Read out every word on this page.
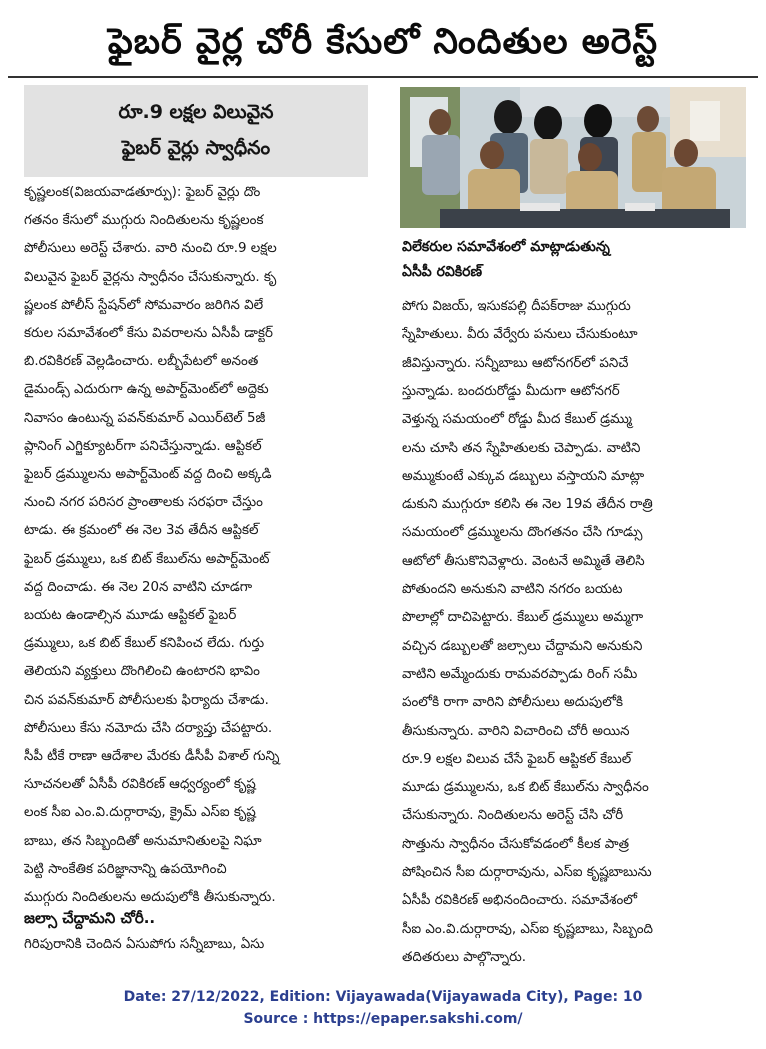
ఫైబర్ వైర్ల చోరీ కేసులో నిందితుల అరెస్ట్
రూ.9 లక్షల విలువైన
ఫైబర్ వైర్లు స్వాధీనం
విలేకరుల సమావేశంలో మాట్లాడుతున్న
ఏసీపీ రవికిరణ్
కృష్ణలంక(విజయవాడతూర్పు): ఫైబర్ వైర్లు దొం
గతనం కేసులో ముగ్గురు నిందితులను కృష్ణలంక
పోలీసులు అరెస్ట్ చేశారు. వారి నుంచి రూ.9 లక్షల
విలువైన ఫైబర్ వైర్లను స్వాధీనం చేసుకున్నారు. కృ
ష్ణలంక పోలీస్ స్టేషన్‌లో సోమవారం జరిగిన విలే
కరుల సమావేశంలో కేసు వివరాలను ఏసీపీ డాక్టర్
బి.రవికిరణ్ వెల్లడించారు. లబ్బీపేటలో అనంత
డైమండ్స్ ఎదురుగా ఉన్న అపార్ట్‌మెంట్‌లో అద్దెకు
నివాసం ఉంటున్న పవన్‌కుమార్ ఎయిర్‌టెల్ 5జీ
ప్లానింగ్ ఎగ్జిక్యూటర్‌గా పనిచేస్తున్నాడు. ఆప్టికల్
ఫైబర్ డ్రమ్ములను అపార్ట్‌మెంట్ వద్ద దించి అక్కడి
నుంచి నగర పరిసర ప్రాంతాలకు సరఫరా చేస్తుం
టాడు. ఈ క్రమంలో ఈ నెల 3వ తేదీన ఆప్టికల్
ఫైబర్ డ్రమ్ములు, ఒక బిట్ కేబుల్‌ను అపార్ట్‌మెంట్
వద్ద దించాడు. ఈ నెల 20న వాటిని చూడగా
బయట ఉండాల్సిన మూడు ఆప్టికల్ ఫైబర్
డ్రమ్ములు, ఒక బిట్ కేబుల్ కనిపించ లేదు. గుర్తు
తెలియని వ్యక్తులు దొంగిలించి ఉంటారని భావిం
చిన పవన్‌కుమార్ పోలీసులకు ఫిర్యాదు చేశాడు.
పోలీసులు కేసు నమోదు చేసి దర్యాప్తు చేపట్టారు.
సీపీ టీకే రాణా ఆదేశాల మేరకు డీసీపీ విశాల్ గున్ని
సూచనలతో ఏసీపీ రవికిరణ్ ఆధ్వర్యంలో కృష్ణ
లంక సీఐ ఎం.వి.దుర్గారావు, క్రైమ్ ఎస్ఐ కృష్ణ
బాబు, తన సిబ్బందితో అనుమానితులపై నిఘా
పెట్టి సాంకేతిక పరిజ్ఞానాన్ని ఉపయోగించి
ముగ్గురు నిందితులను అదుపులోకి తీసుకున్నారు.
జల్సా చేద్దామని చోరీ..
గిరిపురానికి చెందిన ఏసుపోగు సన్నీబాబు, ఏసు
పోగు విజయ్, ఇసుకపల్లి దీపక్‌రాజు ముగ్గురు
స్నేహితులు. వీరు వేర్వేరు పనులు చేసుకుంటూ
జీవిస్తున్నారు. సన్నీబాబు ఆటోనగర్‌లో పనిచే
స్తున్నాడు. బందరురోడ్డు మీదుగా ఆటోనగర్
వెళ్తున్న సమయంలో రోడ్డు మీద కేబుల్ డ్రమ్ము
లను చూసి తన స్నేహితులకు చెప్పాడు. వాటిని
అమ్ముకుంటే ఎక్కువ డబ్బులు వస్తాయని మాట్లా
డుకుని ముగ్గురూ కలిసి ఈ నెల 19వ తేదీన రాత్రి
సమయంలో డ్రమ్ములను దొంగతనం చేసి గూడ్సు
ఆటోలో తీసుకొనివెళ్లారు. వెంటనే అమ్మితే తెలిసి
పోతుందని అనుకుని వాటిని నగరం బయట
పొలాల్లో దాచిపెట్టారు. కేబుల్ డ్రమ్ములు అమ్మగా
వచ్చిన డబ్బులతో జల్సాలు చేద్దామని అనుకుని
వాటిని అమ్మేందుకు రామవరప్పాడు రింగ్ సమీ
పంలోకి రాగా వారిని పోలీసులు అదుపులోకి
తీసుకున్నారు. వారిని విచారించి చోరీ అయిన
రూ.9 లక్షల విలువ చేసే ఫైబర్ ఆప్టికల్ కేబుల్
మూడు డ్రమ్ములను, ఒక బిట్ కేబుల్‌ను స్వాధీనం
చేసుకున్నారు. నిందితులను అరెస్ట్ చేసి చోరీ
సొత్తును స్వాధీనం చేసుకోవడంలో కీలక పాత్ర
పోషించిన సీఐ దుర్గారావును, ఎస్ఐ కృష్ణబాబును
ఏసీపీ రవికిరణ్ అభినందించారు. సమావేశంలో
సీఐ ఎం.వి.దుర్గారావు, ఎస్ఐ కృష్ణబాబు, సిబ్బంది
తదితరులు పాల్గొన్నారు.
Date: 27/12/2022, Edition: Vijayawada(Vijayawada City), Page: 10
Source : https://epaper.sakshi.com/
